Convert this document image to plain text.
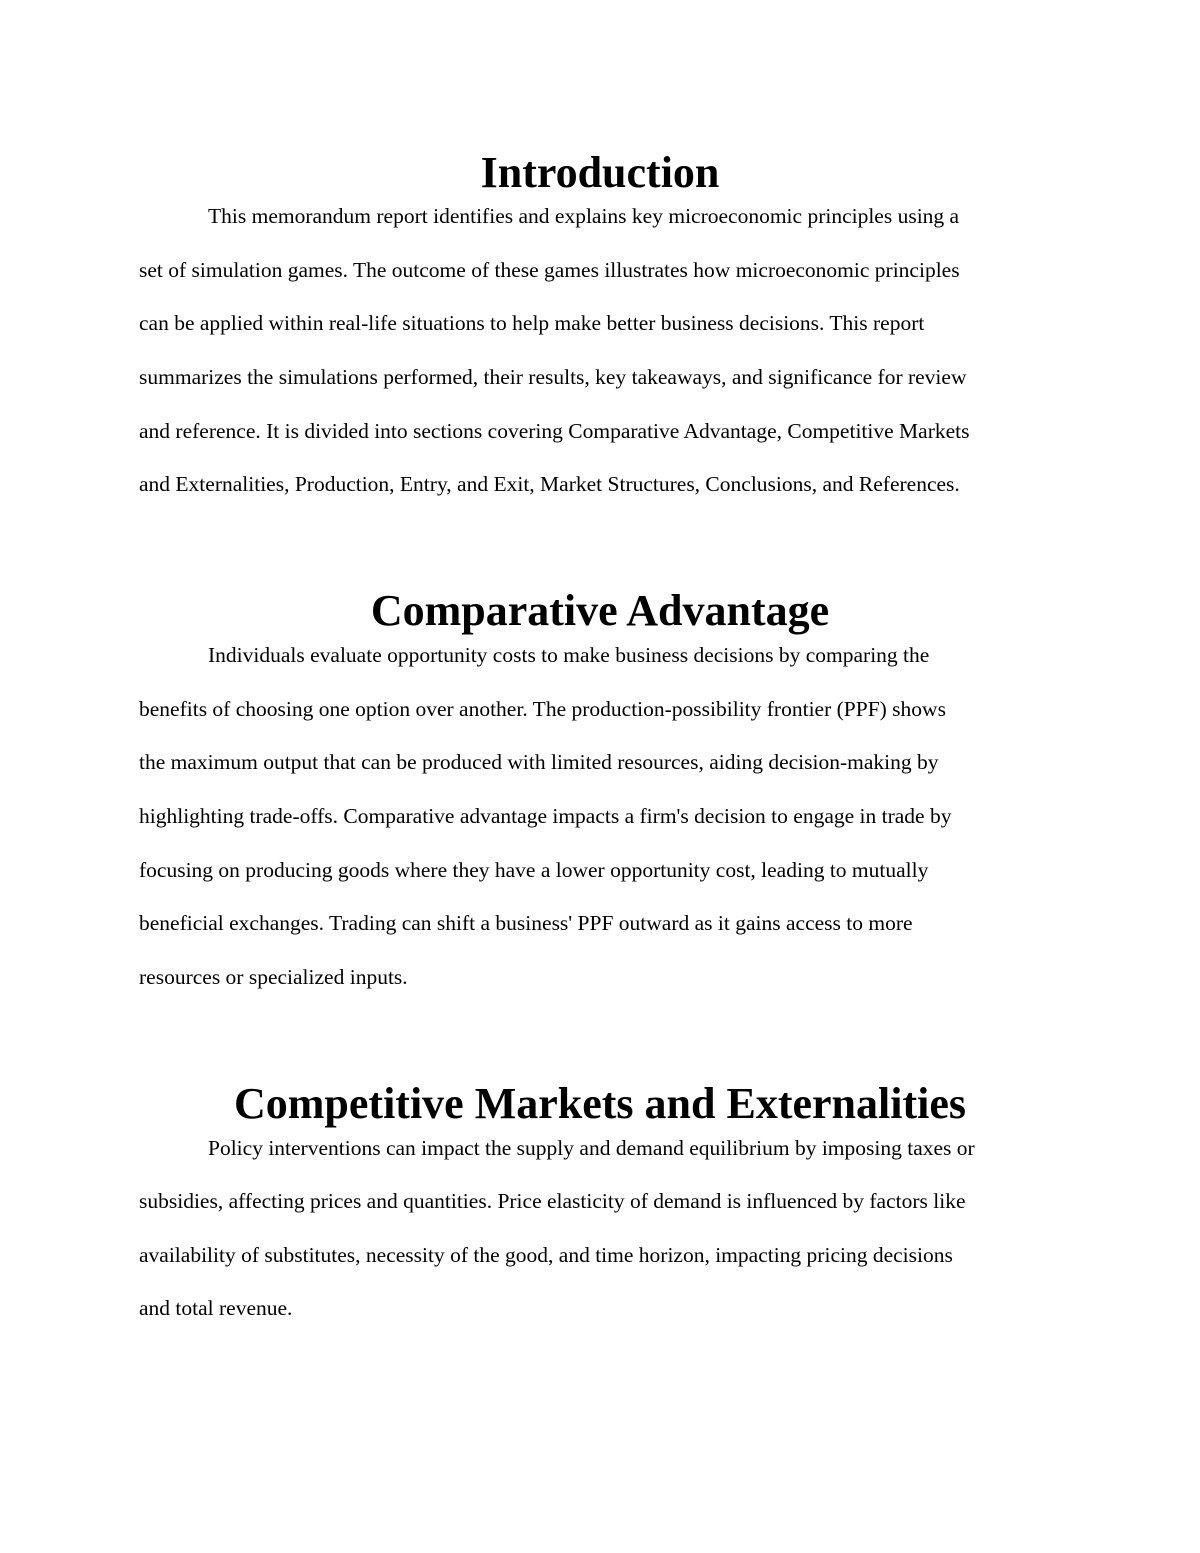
Introduction

This memorandum report identifies and explains key microeconomic principles using a

set of simulation games. The outcome of these games illustrates how microeconomic principles

can be applied within real-life situations to help make better business decisions. This report

summarizes the simulations performed, their results, key takeaways, and significance for review

and reference. It is divided into sections covering Comparative Advantage, Competitive Markets

and Externalities, Production, Entry, and Exit, Market Structures, Conclusions, and References.

Comparative Advantage

Individuals evaluate opportunity costs to make business decisions by comparing the

benefits of choosing one option over another. The production-possibility frontier (PPF) shows

the maximum output that can be produced with limited resources, aiding decision-making by

highlighting trade-offs. Comparative advantage impacts a firm's decision to engage in trade by

focusing on producing goods where they have a lower opportunity cost, leading to mutually

beneficial exchanges. Trading can shift a business' PPF outward as it gains access to more

resources or specialized inputs.

Competitive Markets and Externalities

Policy interventions can impact the supply and demand equilibrium by imposing taxes or

subsidies, affecting prices and quantities. Price elasticity of demand is influenced by factors like

availability of substitutes, necessity of the good, and time horizon, impacting pricing decisions

and total revenue.
